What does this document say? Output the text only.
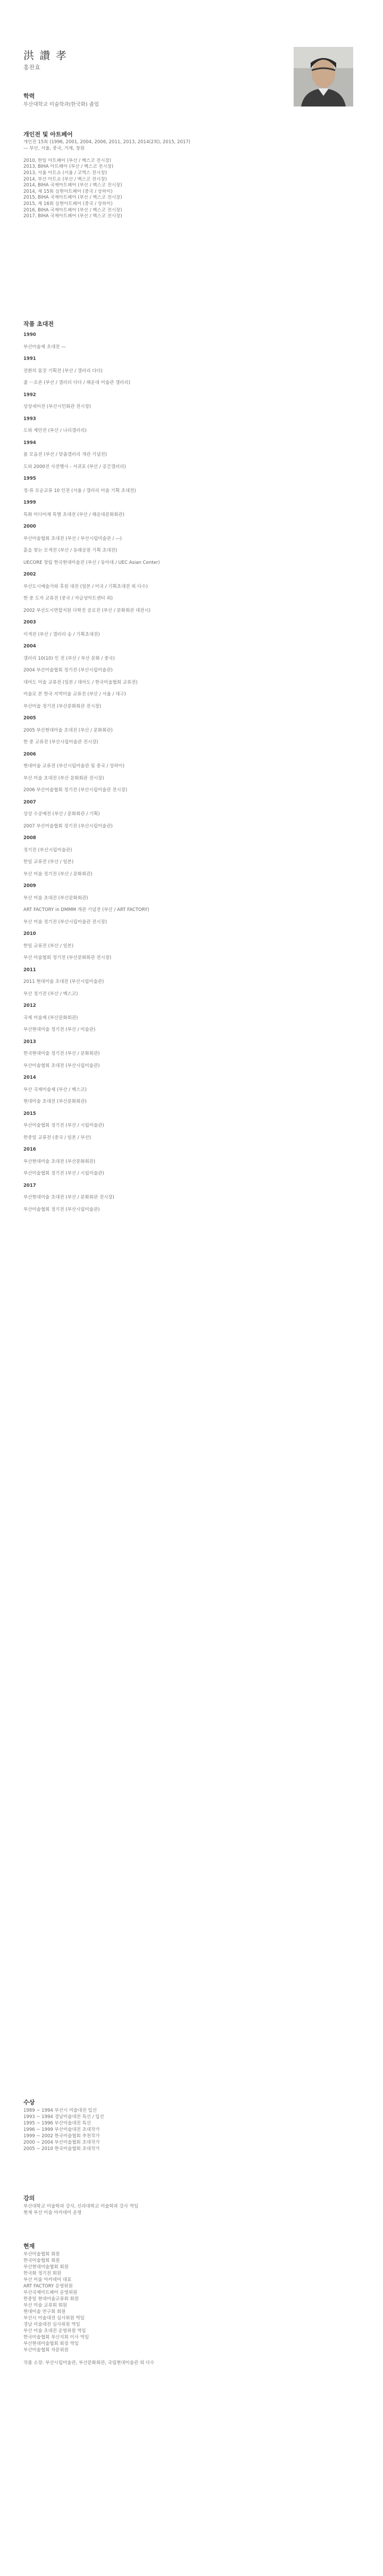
洪 讚 孝
홍찬효
학력
부산대학교 미술학과(한국화) 졸업
개인전 및 아트페어
개인전 15회 (1996, 2001, 2004, 2006, 2011, 2013, 2014(2회), 2015, 2017)
— 부산, 서울, 중국, 거제, 창원

2010, 한일 아트페어 (부산 / 벡스코 전시장)
2013, BIHA 아트페어 (부산 / 벡스코 전시장)
2013, 서울 아트쇼 (서울 / 코엑스 전시장)
2014, 부산 아트쇼 (부산 / 벡스코 전시장)
2014, BIHA 국제아트페어 (부산 / 벡스코 전시장)
2014, 제 15회 실현아트페어 (중국 / 상하이)
2015, BIHA 국제아트페어 (부산 / 벡스코 전시장)
2015, 제 16회 실현아트페어 (중국 / 상하이)
2016, BIHA 국제아트페어 (부산 / 벡스코 전시장)
2017, BIHA 국제아트페어 (부산 / 벡스코 전시장)
작품 초대전
1990
부산미술제 초대전 —
1991
전환의 몸짓 기획전 (부산 / 갤러리 다다)
줄 ㅡ오픈 (부산 / 갤러리 다다 / 해운대 미술관 갤러리)
1992
상상세미전 (부산시민회관 전시장)
1993
도와 제안전 (부산 / 나리갤러리)
1994
봄 모음전 (부산 / 맞춤갤러리 개관 기념전)
도와 2000전 사전행사 - 서귀포 (부산 / 공간갤러리)
1995
정·류 모순교류 10 인전 (서울 / 갤러리 미술 기획 초대전)
1999
특화 미디어제 특별 초대전 (부산 / 해운대문화회관)
2000
부산미술협회 초대전 (부산 / 부산시립미술관 / —)
흙을 찾는 모색전 (부산 / 동래공원 기획 초대전)
UECORE 창립 한국현대미술전 (부산 / 동아대 / UEC Asian Center)
2002
부산도시예술가와 후원 대전 (일본 / 미국 / 기획초대전 외 다수)
한 중 도자 교류전 (중국 / 자금성아트센터 외)
2002 부산도시연합지원 다학진 공로전 (부산 / 문화회관 대전시)
2003
이색전 (부산 / 갤러리 송 / 기획초대전)
2004
갤러리 10(10) 인 전 (부산 / 부산 문화 / 중국)
2004 부산미술협회 정기전 (부산시립미술관)
대마도 미술 교류전 (일본 / 대마도 / 한국미술협회 교류전)
미술로 본 한국 지역미술 교류전 (부산 / 서울 / 대구)
부산미술 정기전 (부산문화회관 전시장)
2005
2005 부산현대미술 초대전 (부산 / 문화회관)
한 중 교류전 (부산시립미술관 전시장)
2006
현대미술 교류전 (부산시립미술관 및 중국 / 상하이)
부산 미술 초대전 (부산 문화회관 전시장)
2006 부산미술협회 정기전 (부산시립미술관 전시장)
2007
상상 수공예전 (부산 / 문화회관 / 기획)
2007 부산미술협회 정기전 (부산시립미술관)
2008
정기전 (부산시립미술관)
한일 교류전 (부산 / 일본)
부산 미술 정기전 (부산 / 문화회관)
2009
부산 미술 초대전 (부산문화회관)
ART FACTORY in DMMM 개관 기념전 (부산 / ART FACTORY)
부산 미술 정기전 (부산시립미술관 전시장)
2010
한일 교류전 (부산 / 일본)
부산 미술협회 정기전 (부산문화회관 전시장)
2011
2011 현대미술 초대전 (부산시립미술관)
부산 정기전 (부산 / 벡스코)
2012
국제 미술제 (부산문화회관)
부산현대미술 정기전 (부산 / 미술관)
2013
한국현대미술 정기전 (부산 / 문화회관)
부산미술협회 초대전 (부산시립미술관)
2014
부산 국제미술제 (부산 / 벡스코)
현대미술 초대전 (부산문화회관)
2015
부산미술협회 정기전 (부산 / 시립미술관)
한중일 교류전 (중국 / 일본 / 부산)
2016
부산현대미술 초대전 (부산문화회관)
부산미술협회 정기전 (부산 / 시립미술관)
2017
부산현대미술 초대전 (부산 / 문화회관 전시장)
부산미술협회 정기전 (부산시립미술관)
수상
1989 ~ 1994 부산시 미술대전 입선
1993 ~ 1994 경남미술대전 특선 / 입선
1995 ~ 1996 부산미술대전 특선
1996 ~ 1999 부산미술대전 초대작가
1999 ~ 2002 한국미술협회 추천작가
2000 ~ 2004 부산미술협회 초대작가
2005 ~ 2010 한국미술협회 초대작가
강의
부산대학교 미술학과 강사, 신라대학교 미술학과 강사 역임
현재 부산 미술 아카데미 운영
현재
부산미술협회 회원
한국미술협회 회원
부산현대미술협회 회원
한국화 정기전 회원
부산 미술 아카데미 대표
ART FACTORY 운영위원
부산국제아트페어 운영위원
한중일 현대미술교류회 회원
부산 미술 교류회 회원
현대미술 연구회 회원
부산시 미술대전 심사위원 역임
경남 미술대전 심사위원 역임
부산 미술 초대전 운영위원 역임
한국미술협회 부산지회 이사 역임
부산현대미술협회 회장 역임
부산미술협회 자문위원

작품 소장: 부산시립미술관, 부산문화회관, 국립현대미술관 외 다수
